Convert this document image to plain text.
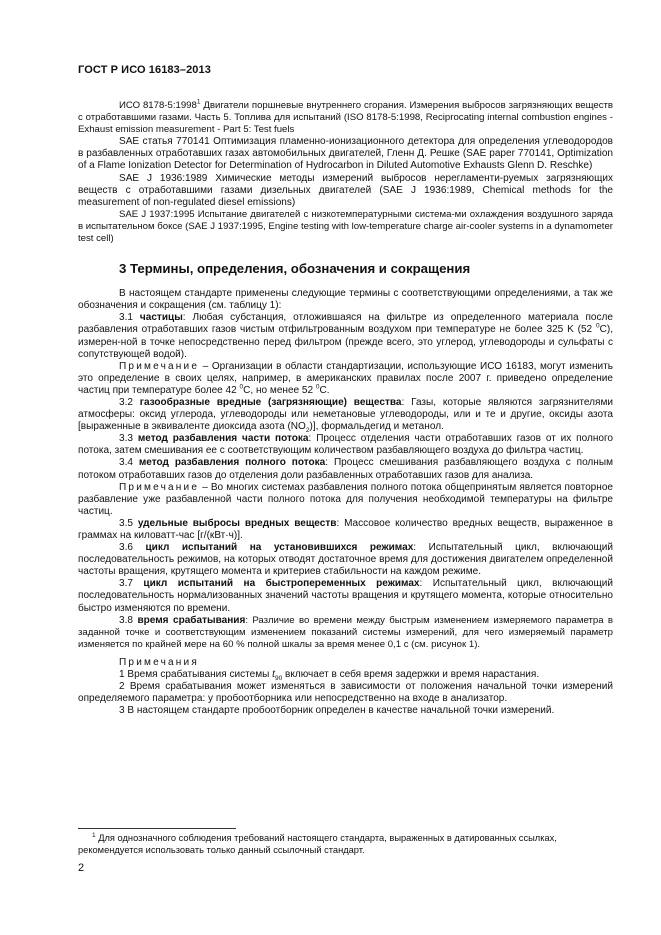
ГОСТ Р ИСО 16183–2013

ИСО 8178-5:1998$^1$ Двигатели поршневые внутреннего сгорания. Измерения выбросов загрязняющих веществ с отработавшими газами. Часть 5. Топлива для испытаний (ISO 8178-5:1998, Reciprocating internal combustion engines - Exhaust emission measurement - Part 5: Test fuels

SAE статья 770141 Оптимизация пламенно-ионизационного детектора для определения углеводородов в разбавленных отработавших газах автомобильных двигателей, Гленн Д. Решке (SAE paper 770141, Optimization of a Flame Ionization Detector for Determination of Hydrocarbon in Diluted Automotive Exhausts Glenn D. Reschke)

SAE J 1936:1989 Химические методы измерений выбросов нерегламенти-руемых загрязняющих веществ с отработавшими газами дизельных двигателей (SAE J 1936:1989, Chemical methods for the measurement of non-regulated diesel emissions)

SAE J 1937:1995 Испытание двигателей с низкотемпературными система-ми охлаждения воздушного заряда в испытательном боксе (SAE J 1937:1995, Engine testing with low-temperature charge air-cooler systems in a dynamometer test cell)

3 Термины, определения, обозначения и сокращения

В настоящем стандарте применены следующие термины с соответствующими определениями, а так же обозначения и сокращения (см. таблицу 1):

3.1 частицы: Любая субстанция, отложившаяся на фильтре из определенного материала после разбавления отработавших газов чистым отфильтрованным воздухом при температуре не более 325 K (52 $^0$C), измерен-ной в точке непосредственно перед фильтром (прежде всего, это углерод, углеводороды и сульфаты с сопутствующей водой).

Примечание – Организации в области стандартизации, использующие ИСО 16183, могут изменить это определение в своих целях, например, в американских правилах после 2007 г. приведено определение частиц при температуре более 42 $^0$C, но менее 52 $^0$C.

3.2 газообразные вредные (загрязняющие) вещества: Газы, которые являются загрязнителями атмосферы: оксид углерода, углеводороды или неметановые углеводороды, или и те и другие, оксиды азота [выраженные в эквиваленте диоксида азота $(NO_2)$], формальдегид и метанол.

3.3 метод разбавления части потока: Процесс отделения части отработавших газов от их полного потока, затем смешивания ее с соответствующим количеством разбавляющего воздуха до фильтра частиц.

3.4 метод разбавления полного потока: Процесс смешивания разбавляющего воздуха с полным потоком отработавших газов до отделения доли разбавленных отработавших газов для анализа.

Примечание – Во многих системах разбавления полного потока общепринятым является повторное разбавление уже разбавленной части полного потока для получения необходимой температуры на фильтре частиц.

3.5 удельные выбросы вредных веществ: Массовое количество вредных веществ, выраженное в граммах на киловатт-час [г/(кВт·ч)].

3.6 цикл испытаний на установившихся режимах: Испытательный цикл, включающий последовательность режимов, на которых отводят достаточное время для достижения двигателем определенной частоты вращения, крутящего момента и критериев стабильности на каждом режиме.

3.7 цикл испытаний на быстропеременных режимах: Испытательный цикл, включающий последовательность нормализованных значений частоты вращения и крутящего момента, которые относительно быстро изменяются по времени.

3.8 время срабатывания: Различие во времени между быстрым изменением измеряемого параметра в заданной точке и соответствующим изменением показаний системы измерений, для чего измеряемый параметр изменяется по крайней мере на 60 % полной шкалы за время менее 0,1 с (см. рисунок 1).

Примечания

1 Время срабатывания системы $t_{90}$ включает в себя время задержки и время нарастания.

2 Время срабатывания может изменяться в зависимости от положения начальной точки измерений определяемого параметра: у пробоотборника или непосредственно на входе в анализатор.

3 В настоящем стандарте пробоотборник определен в качестве начальной точки измерений.

$^1$ Для однозначного соблюдения требований настоящего стандарта, выраженных в датированных ссылках, рекомендуется использовать только данный ссылочный стандарт.

2
